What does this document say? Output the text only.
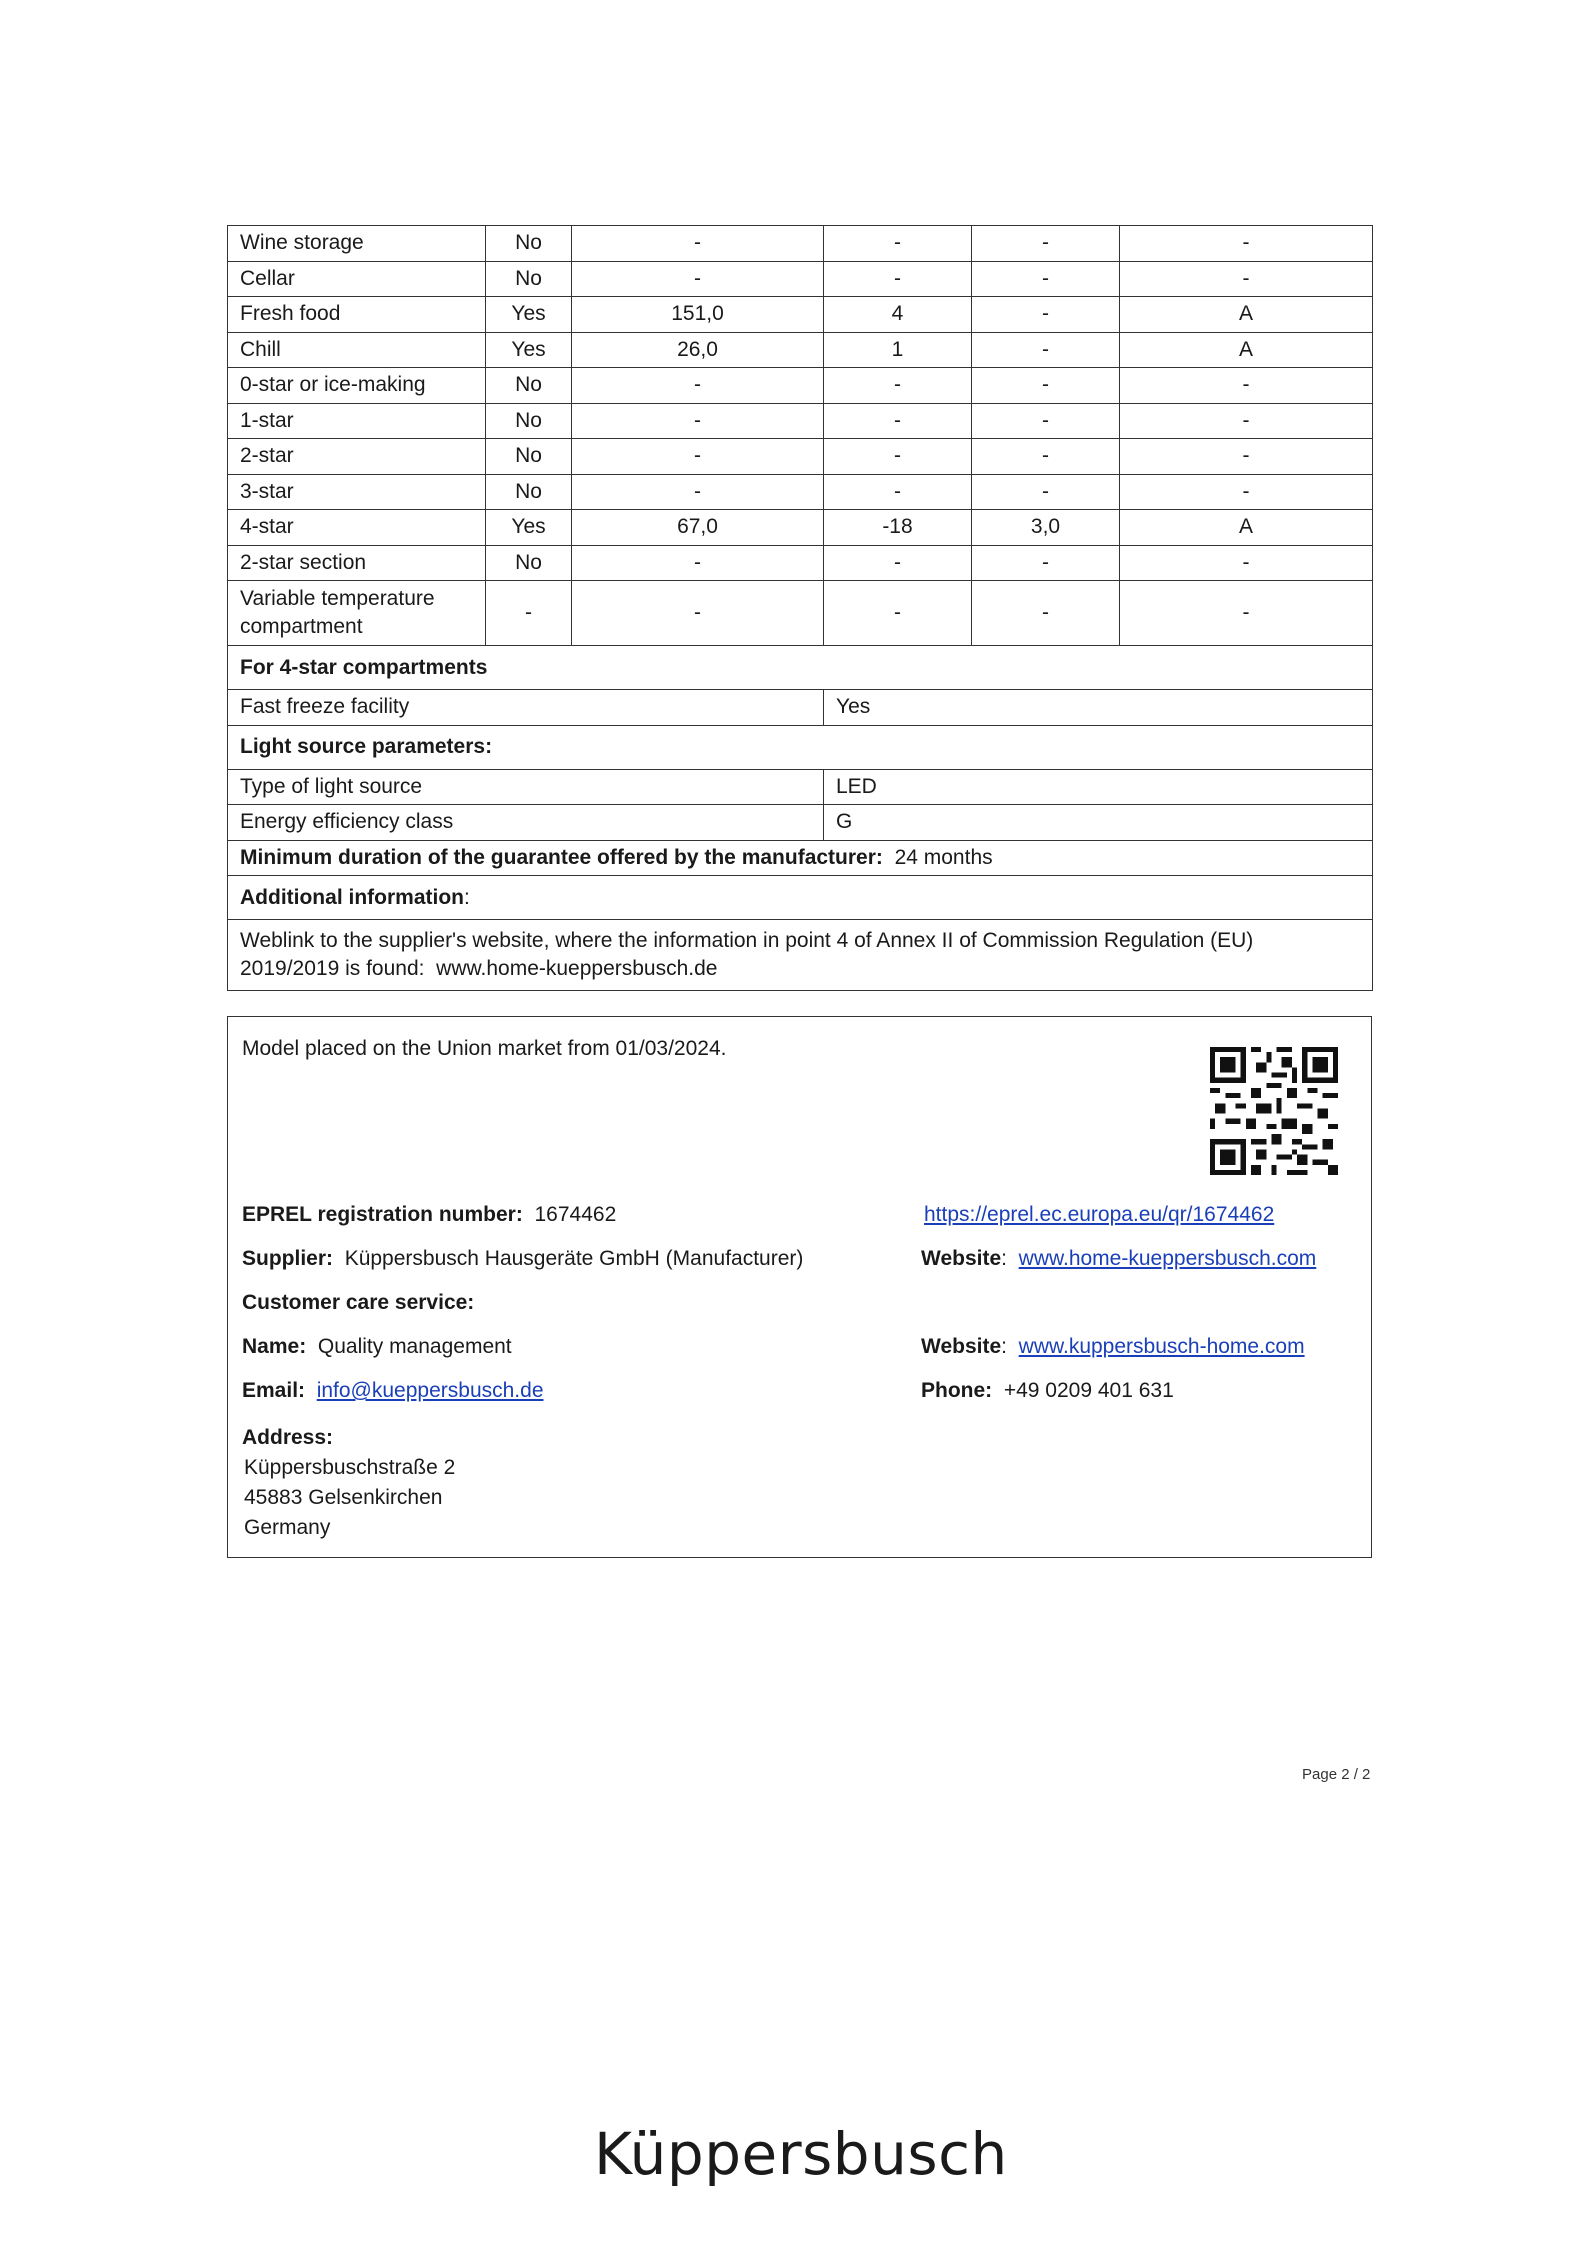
Wine storage	No	-	-	-	-
Cellar	No	-	-	-	-
Fresh food	Yes	151,0	4	-	A
Chill	Yes	26,0	1	-	A
0-star or ice-making	No	-	-	-	-
1-star	No	-	-	-	-
2-star	No	-	-	-	-
3-star	No	-	-	-	-
4-star	Yes	67,0	-18	3,0	A
2-star section	No	-	-	-	-
Variable temperature compartment	-	-	-	-	-
For 4-star compartments					
Fast freeze facility			Yes		
Light source parameters:					
Type of light source			LED		
Energy efficiency class			G		
Minimum duration of the guarantee offered by the manufacturer: 24 months					
Additional information:					

Weblink to the supplier's website, where the information in point 4 of Annex II of Commission Regulation (EU)
2019/2019 is found: www.home-kueppersbusch.de					
Model placed on the Union market from 01/03/2024.
EPREL registration number: 1674462	https://eprel.ec.europa.eu/qr/1674462
Supplier: Küppersbusch Hausgeräte GmbH (Manufacturer)	Website: www.home-kueppersbusch.com
Customer care service:
Name: Quality management	Website: www.kuppersbusch-home.com
Email: info@kueppersbusch.de	Phone: +49 0209 401 631
Address:
Küppersbuschstraße 2
45883 Gelsenkirchen
Germany
Page 2 / 2
Küppersbusch
